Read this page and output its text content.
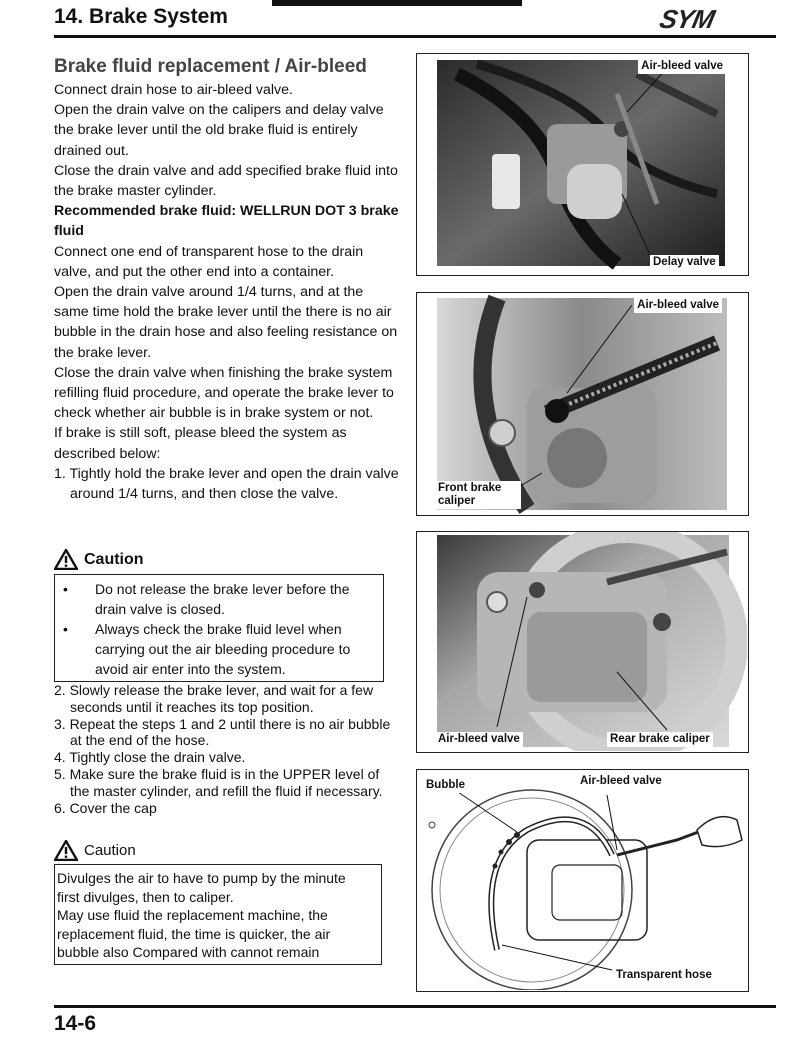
14. Brake System	SYM
Brake fluid replacement / Air-bleed

Connect drain hose to air-bleed valve.

Open the drain valve on the calipers and delay valve the brake lever until the old brake fluid is entirely drained out.

Close the drain valve and add specified brake fluid into the brake master cylinder.

Recommended brake fluid: WELLRUN DOT 3 brake fluid

Connect one end of transparent hose to the drain valve, and put the other end into a container.

Open the drain valve around 1/4 turns, and at the same time hold the brake lever until the there is no air bubble in the drain hose and also feeling resistance on the brake lever.

Close the drain valve when finishing the brake system refilling fluid procedure, and operate the brake lever to check whether air bubble is in brake system or not.

If brake is still soft, please bleed the system as described below:

1. Tightly hold the brake lever and open the drain valve around 1/4 turns, and then close the valve.

Caution
• Do not release the brake lever before the drain valve is closed.
• Always check the brake fluid level when carrying out the air bleeding procedure to avoid air enter into the system.

2. Slowly release the brake lever, and wait for a few seconds until it reaches its top position.

3. Repeat the steps 1 and 2 until there is no air bubble at the end of the hose.

4. Tightly close the drain valve.

5. Make sure the brake fluid is in the UPPER level of the master cylinder, and refill the fluid if necessary.

6. Cover the cap

Caution

Divulges the air to have to pump by the minute

first divulges, then to caliper.

May use fluid the replacement machine, the

replacement fluid, the time is quicker, the air

bubble also Compared with cannot remain

Air-bleed valve
Delay valve
Air-bleed valve
Front brake caliper
Air-bleed valve	Rear brake caliper
Bubble	Air-bleed valve
Transparent hose
14-6
